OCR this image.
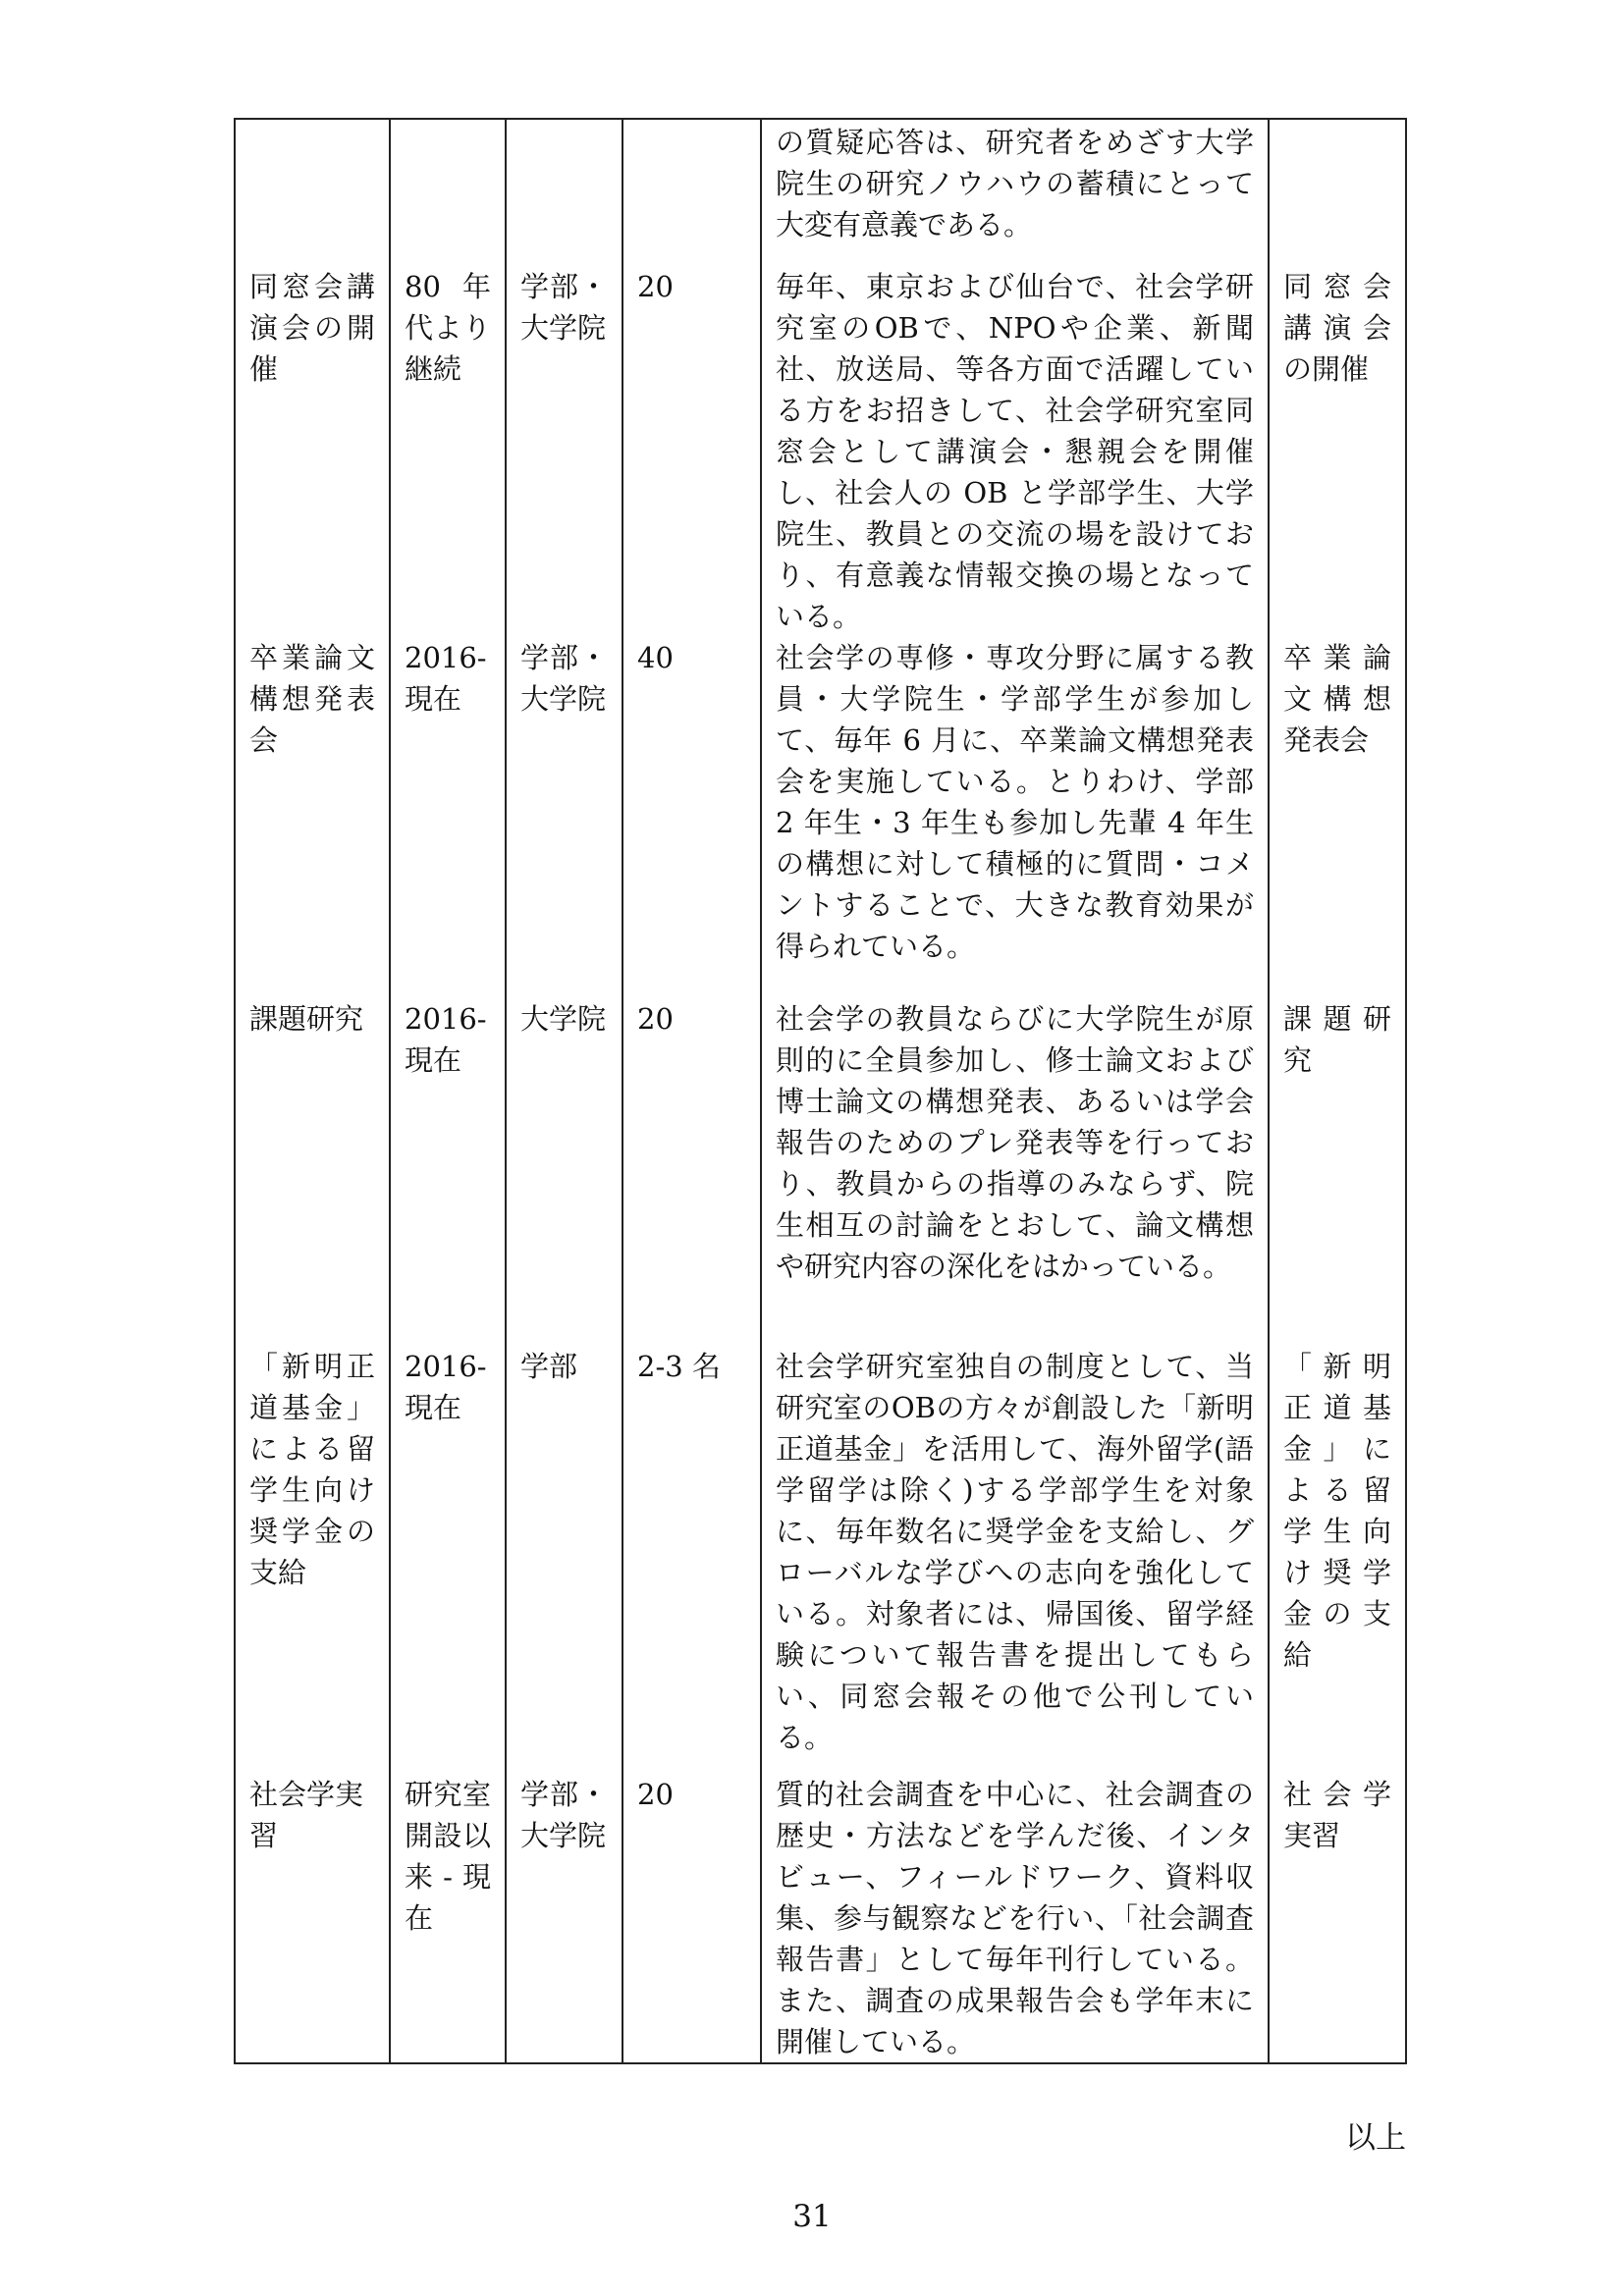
				の質疑応答は、研究者をめざす大学院生の研究ノウハウの蓄積にとって大変有意義である。	
同窓会講演会の開催	80 年代より継続	学部・大学院	20	毎年、東京および仙台で、社会学研究室のOBで、NPOや企業、新聞社、放送局、等各方面で活躍している方をお招きして、社会学研究室同窓会として講演会・懇親会を開催し、社会人の OB と学部学生、大学院生、教員との交流の場を設けており、有意義な情報交換の場となっている。	同窓会講演会の開催
卒業論文構想発表会	2016-現在	学部・大学院	40	社会学の専修・専攻分野に属する教員・大学院生・学部学生が参加して、毎年 6 月に、卒業論文構想発表会を実施している。とりわけ、学部 2 年生・3 年生も参加し先輩 4 年生の構想に対して積極的に質問・コメントすることで、大きな教育効果が得られている。	卒業論文構想発表会
課題研究	2016-現在	大学院	20	社会学の教員ならびに大学院生が原則的に全員参加し、修士論文および博士論文の構想発表、あるいは学会報告のためのプレ発表等を行っており、教員からの指導のみならず、院生相互の討論をとおして、論文構想や研究内容の深化をはかっている。	課題研究
「新明正道基金」による留学生向け奨学金の支給	2016-現在	学部	2-3 名	社会学研究室独自の制度として、当研究室のOBの方々が創設した「新明正道基金」を活用して、海外留学(語学留学は除く)する学部学生を対象に、毎年数名に奨学金を支給し、グローバルな学びへの志向を強化している。対象者には、帰国後、留学経験について報告書を提出してもらい、同窓会報その他で公刊している。	「新明正道基金」による留学生向け奨学金の支給
社会学実習	研究室開設以来-現在	学部・大学院	20	質的社会調査を中心に、社会調査の歴史・方法などを学んだ後、インタビュー、フィールドワーク、資料収集、参与観察などを行い、「社会調査報告書」として毎年刊行している。また、調査の成果報告会も学年末に開催している。	社会学実習
以上
31
